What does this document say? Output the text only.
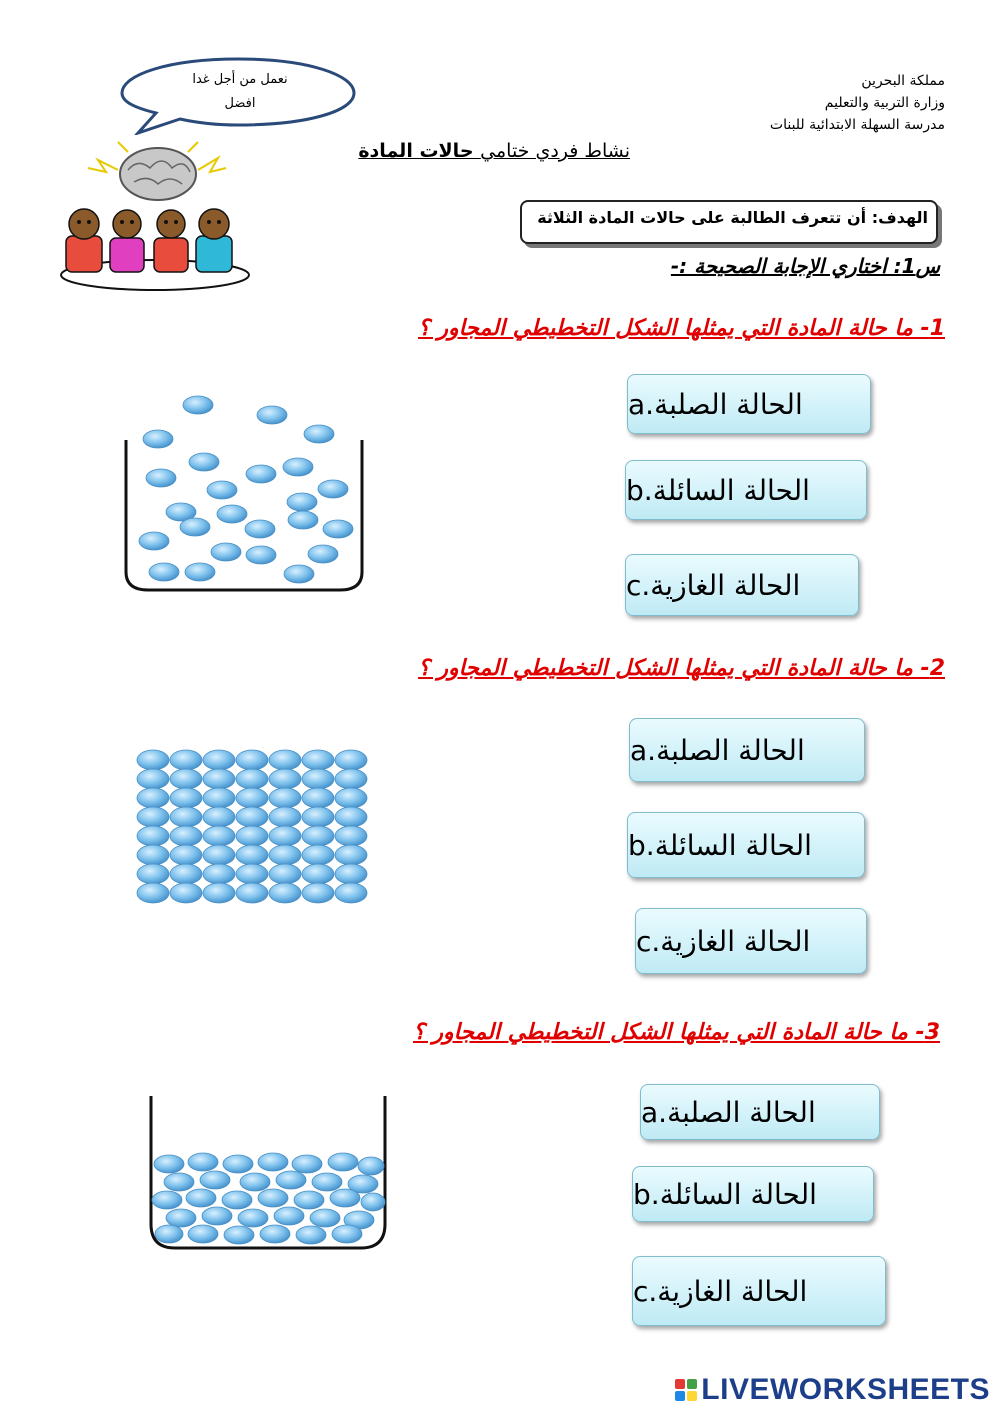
مملكة البحرين
وزارة التربية والتعليم
مدرسة السهلة الابتدائية للبنات
نعمل من أجل غدا
افضل
نشاط فردي ختامي حالات المادة
الهدف: أن تتعرف الطالبة على حالات المادة الثلاثة
س1: اختاري الإجابة الصحيحة :-
1- ما حالة المادة التي يمثلها الشكل التخطيطي المجاور ؟
a.الحالة الصلبة
b.الحالة السائلة
c.الحالة الغازية
2- ما حالة المادة التي يمثلها الشكل التخطيطي المجاور ؟
a.الحالة الصلبة
b.الحالة السائلة
c.الحالة الغازية
3- ما حالة المادة التي يمثلها الشكل التخطيطي المجاور ؟
a.الحالة الصلبة
b.الحالة السائلة
c.الحالة الغازية
LIVEWORKSHEETS
